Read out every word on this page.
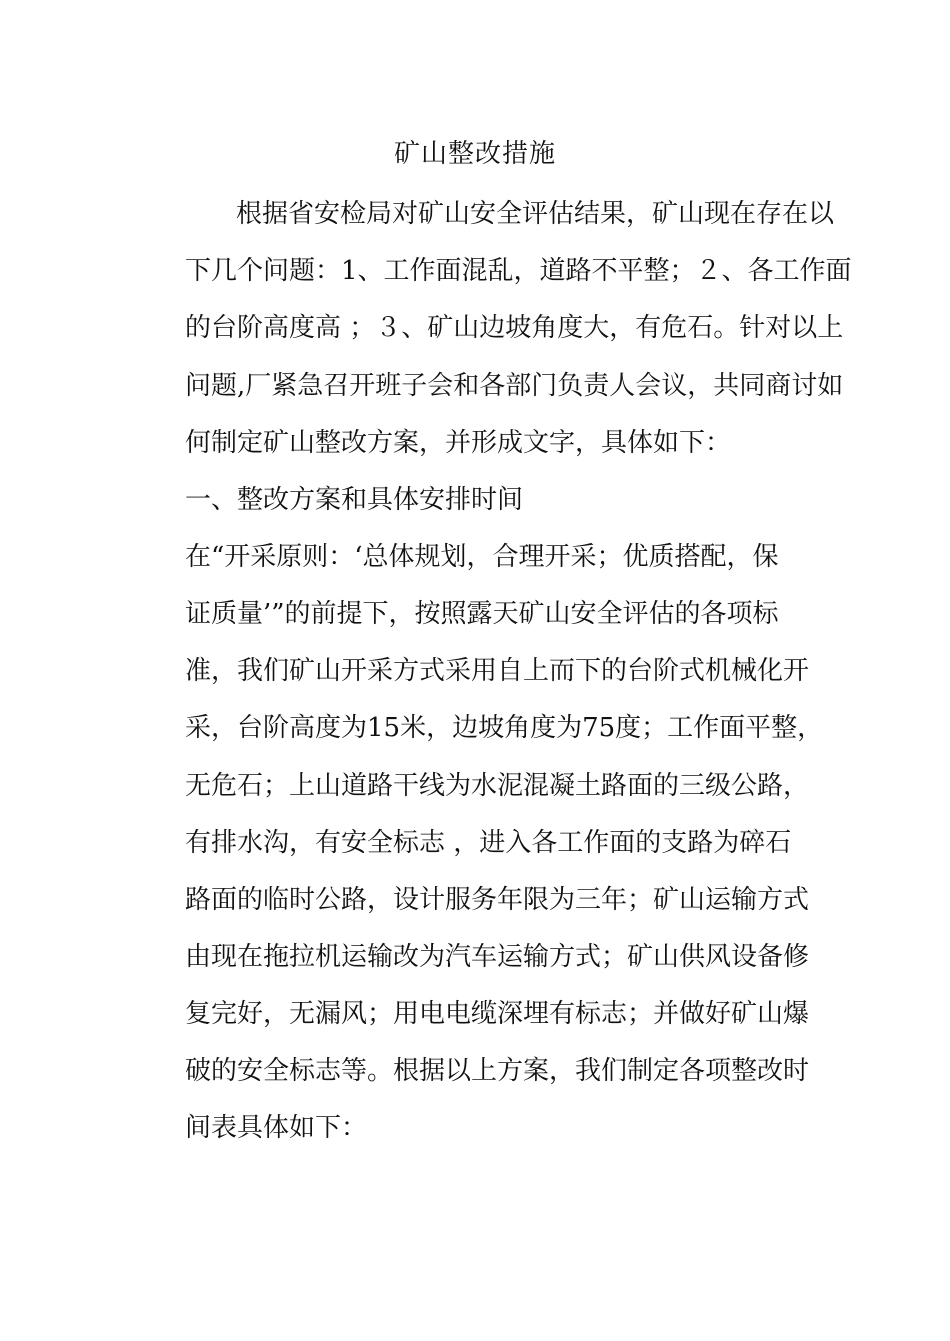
矿山整改措施
根据省安检局对矿山安全评估结果，矿山现在存在以
下几个问题：1、工作面混乱，道路不平整；２、各工作面
的台阶高度高 ；３、矿山边坡角度大，有危石。针对以上
问题,厂紧急召开班子会和各部门负责人会议，共同商讨如
何制定矿山整改方案，并形成文字，具体如下：
一、整改方案和具体安排时间
在“开采原则：‘总体规划，合理开采；优质搭配，保
证质量’”的前提下，按照露天矿山安全评估的各项标
准，我们矿山开采方式采用自上而下的台阶式机械化开
采，台阶高度为15米，边坡角度为75度；工作面平整，
无危石；上山道路干线为水泥混凝土路面的三级公路，
有排水沟，有安全标志 ，进入各工作面的支路为碎石
路面的临时公路，设计服务年限为三年；矿山运输方式
由现在拖拉机运输改为汽车运输方式；矿山供风设备修
复完好，无漏风；用电电缆深埋有标志；并做好矿山爆
破的安全标志等。根据以上方案，我们制定各项整改时
间表具体如下：
